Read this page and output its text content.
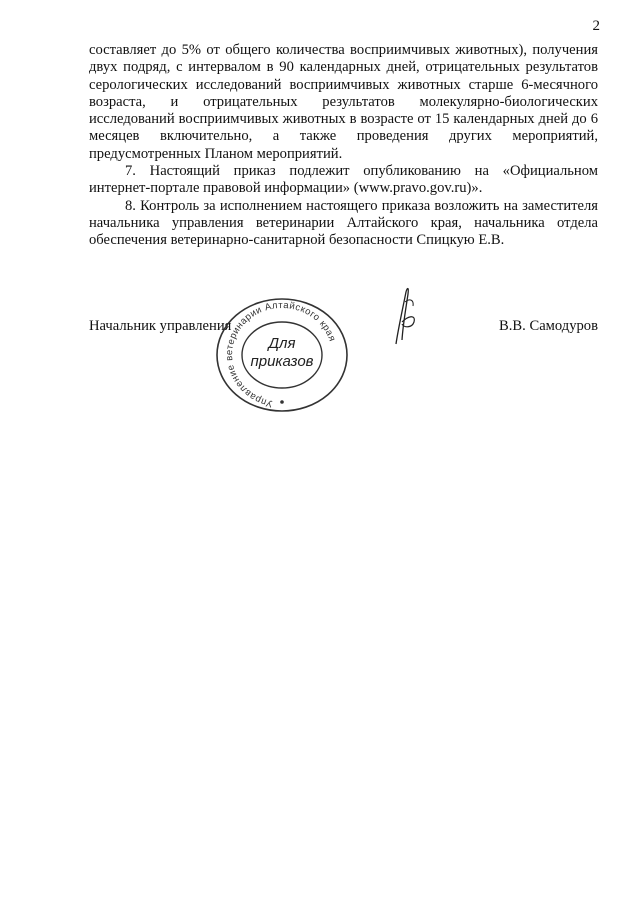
2

составляет до 5% от общего количества восприимчивых животных), получения двух подряд, с интервалом в 90 календарных дней, отрицательных результатов серологических исследований восприимчивых животных старше 6-месячного возраста, и отрицательных результатов молекулярно-биологических исследований восприимчивых животных в возрасте от 15 календарных дней до 6 месяцев включительно, а также проведения других мероприятий, предусмотренных Планом мероприятий.

7. Настоящий приказ подлежит опубликованию на «Официальном интернет-портале правовой информации» (www.pravo.gov.ru)».

8. Контроль за исполнением настоящего приказа возложить на заместителя начальника управления ветеринарии Алтайского края, начальника отдела обеспечения ветеринарно-санитарной безопасности Спицкую Е.В.

Начальник управления	В.В. Самодуров
Управление ветеринарии Алтайского края
Для
приказов
